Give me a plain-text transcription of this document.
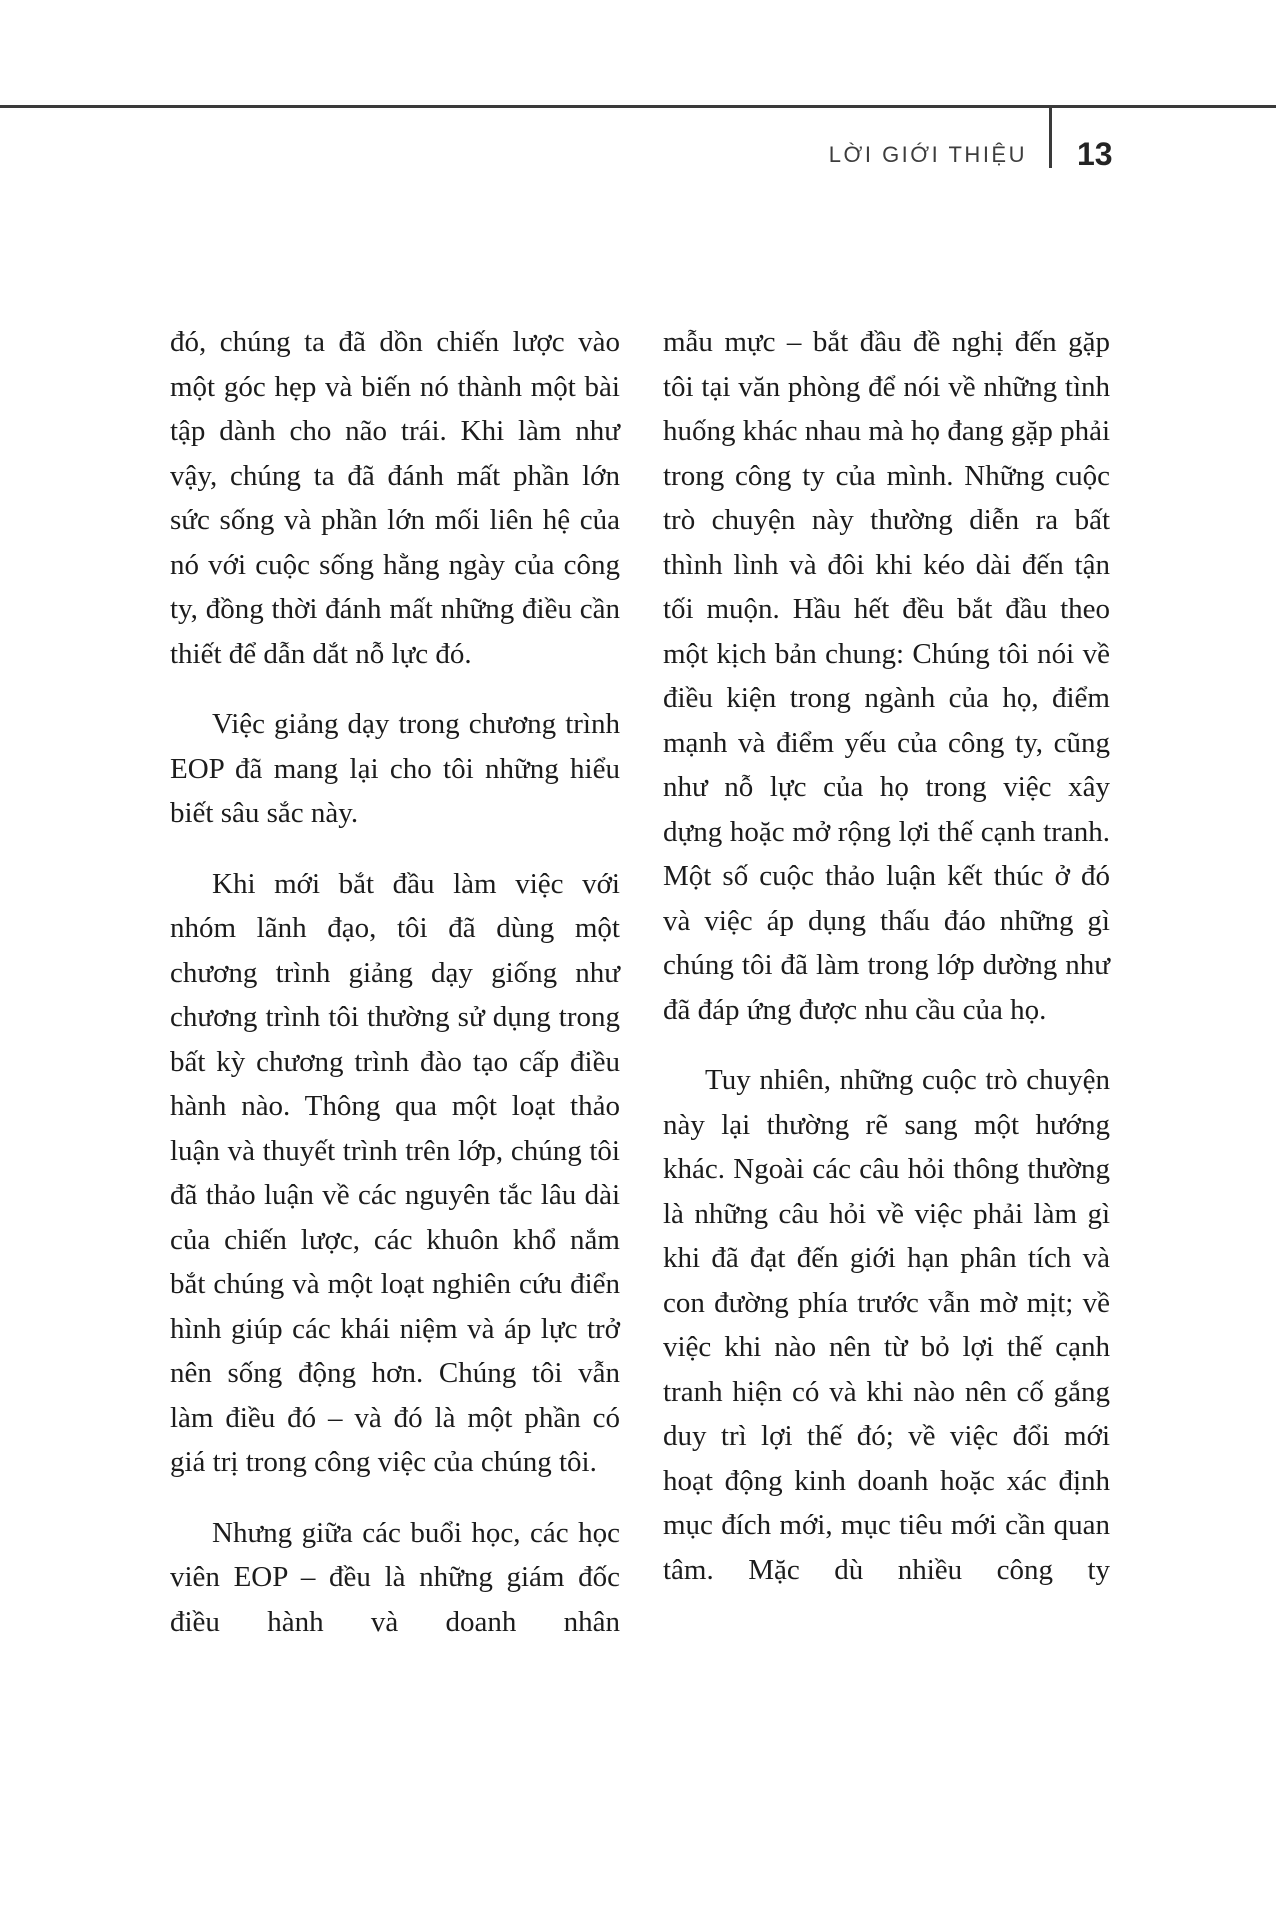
LỜI GIỚI THIỆU 13

đó, chúng ta đã dồn chiến lược vào một góc hẹp và biến nó thành một bài tập dành cho não trái. Khi làm như vậy, chúng ta đã đánh mất phần lớn sức sống và phần lớn mối liên hệ của nó với cuộc sống hằng ngày của công ty, đồng thời đánh mất những điều cần thiết để dẫn dắt nỗ lực đó.

Việc giảng dạy trong chương trình EOP đã mang lại cho tôi những hiểu biết sâu sắc này.

Khi mới bắt đầu làm việc với nhóm lãnh đạo, tôi đã dùng một chương trình giảng dạy giống như chương trình tôi thường sử dụng trong bất kỳ chương trình đào tạo cấp điều hành nào. Thông qua một loạt thảo luận và thuyết trình trên lớp, chúng tôi đã thảo luận về các nguyên tắc lâu dài của chiến lược, các khuôn khổ nắm bắt chúng và một loạt nghiên cứu điển hình giúp các khái niệm và áp lực trở nên sống động hơn. Chúng tôi vẫn làm điều đó – và đó là một phần có giá trị trong công việc của chúng tôi.

Nhưng giữa các buổi học, các học viên EOP – đều là những giám đốc điều hành và doanh nhân

mẫu mực – bắt đầu đề nghị đến gặp tôi tại văn phòng để nói về những tình huống khác nhau mà họ đang gặp phải trong công ty của mình. Những cuộc trò chuyện này thường diễn ra bất thình lình và đôi khi kéo dài đến tận tối muộn. Hầu hết đều bắt đầu theo một kịch bản chung: Chúng tôi nói về điều kiện trong ngành của họ, điểm mạnh và điểm yếu của công ty, cũng như nỗ lực của họ trong việc xây dựng hoặc mở rộng lợi thế cạnh tranh. Một số cuộc thảo luận kết thúc ở đó và việc áp dụng thấu đáo những gì chúng tôi đã làm trong lớp dường như đã đáp ứng được nhu cầu của họ.

Tuy nhiên, những cuộc trò chuyện này lại thường rẽ sang một hướng khác. Ngoài các câu hỏi thông thường là những câu hỏi về việc phải làm gì khi đã đạt đến giới hạn phân tích và con đường phía trước vẫn mờ mịt; về việc khi nào nên từ bỏ lợi thế cạnh tranh hiện có và khi nào nên cố gắng duy trì lợi thế đó; về việc đổi mới hoạt động kinh doanh hoặc xác định mục đích mới, mục tiêu mới cần quan tâm. Mặc dù nhiều công ty
